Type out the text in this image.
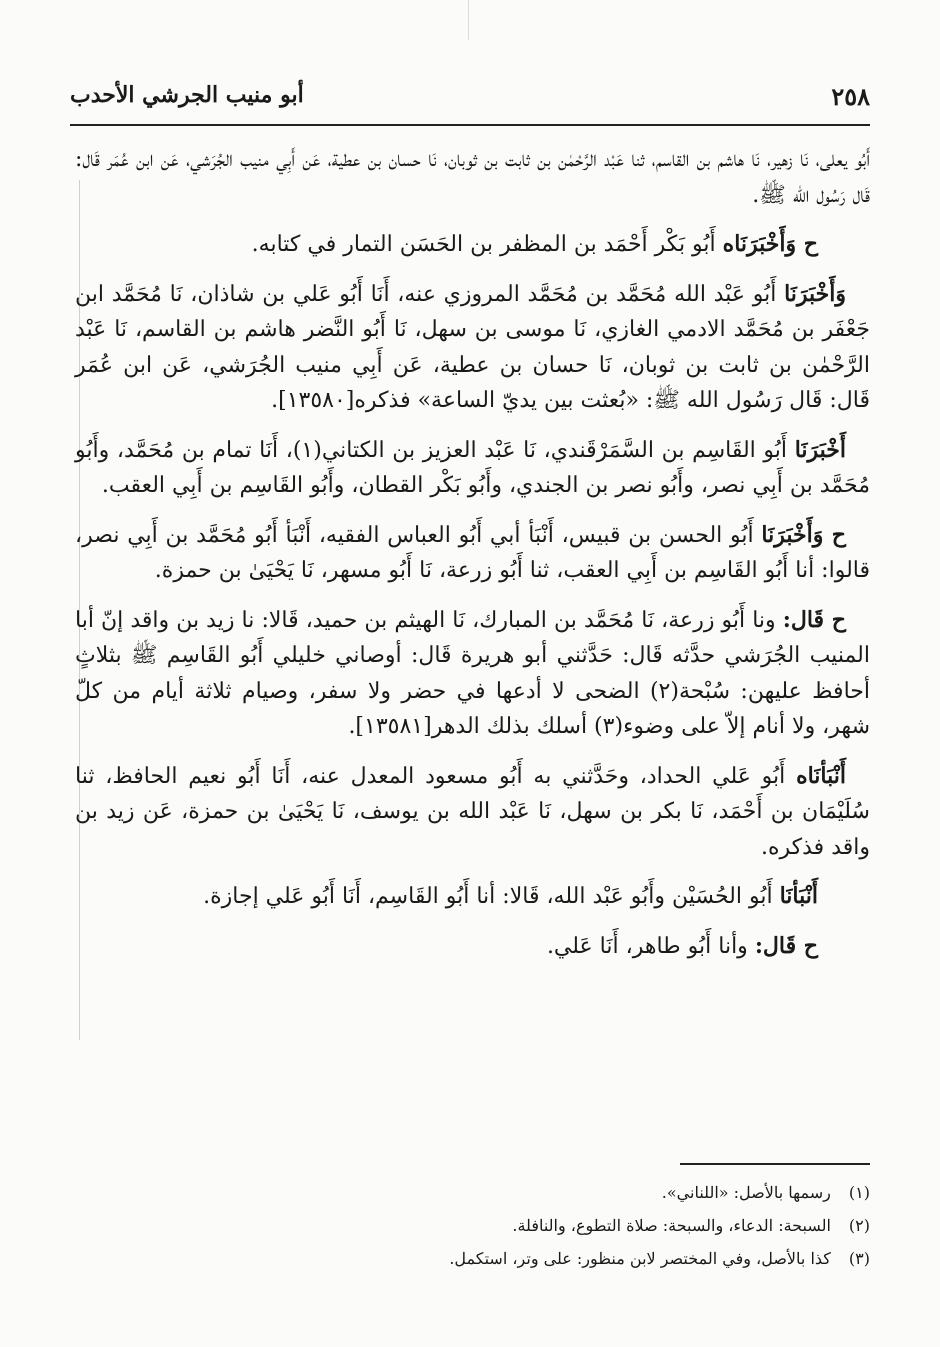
٢٥٨
أبو منيب الجرشي الأحدب

أَبُو يعلى، نَا زهير، نَا هاشم بن القاسم، ثنا عَبْد الرَّحْمٰن بن ثابت بن ثوبان، نَا حسان بن عطية، عَن أَبِي منيب الجُرَشي، عَن ابن عُمَر قَال: قَال رَسُول الله ﷺ.

ح وَأَخْبَرَنَاه أَبُو بَكْر أَحْمَد بن المظفر بن الحَسَن التمار في كتابه.

وَأَخْبَرَنَا أَبُو عَبْد الله مُحَمَّد بن مُحَمَّد المروزي عنه، أَنَا أَبُو عَلي بن شاذان، نَا مُحَمَّد ابن جَعْفَر بن مُحَمَّد الادمي الغازي، نَا موسى بن سهل، نَا أَبُو النَّضر هاشم بن القاسم، نَا عَبْد الرَّحْمٰن بن ثابت بن ثوبان، نَا حسان بن عطية، عَن أَبِي منيب الجُرَشي، عَن ابن عُمَر قَال: قَال رَسُول الله ﷺ: «بُعثت بين يديّ الساعة» فذكره[١٣٥٨٠].

أَخْبَرَنَا أَبُو القَاسِم بن السَّمَرْقَندي، نَا عَبْد العزيز بن الكتاني(١)، أَنَا تمام بن مُحَمَّد، وأَبُو مُحَمَّد بن أَبِي نصر، وأَبُو نصر بن الجندي، وأَبُو بَكْر القطان، وأَبُو القَاسِم بن أَبِي العقب.

ح وَأَخْبَرَنَا أَبُو الحسن بن قبيس، أَنْبَأ أبي أَبُو العباس الفقيه، أَنْبَأ أَبُو مُحَمَّد بن أَبِي نصر، قالوا: أنا أَبُو القَاسِم بن أَبِي العقب، ثنا أَبُو زرعة، نَا أَبُو مسهر، نَا يَحْيَىٰ بن حمزة.

ح قَال: ونا أَبُو زرعة، نَا مُحَمَّد بن المبارك، نَا الهيثم بن حميد، قَالا: نا زيد بن واقد إنّ أبا المنيب الجُرَشي حدَّثه قَال: حَدَّثني أبو هريرة قَال: أوصاني خليلي أَبُو القَاسِم ﷺ بثلاثٍ أحافظ عليهن: سُبْحة(٢) الضحى لا أدعها في حضر ولا سفر، وصيام ثلاثة أيام من كلّ شهر، ولا أنام إلاّ على وضوء(٣) أسلك بذلك الدهر[١٣٥٨١].

أَنْبَأنَاه أَبُو عَلي الحداد، وحَدَّثني به أَبُو مسعود المعدل عنه، أَنَا أَبُو نعيم الحافظ، ثنا سُلَيْمَان بن أَحْمَد، نَا بكر بن سهل، نَا عَبْد الله بن يوسف، نَا يَحْيَىٰ بن حمزة، عَن زيد بن واقد فذكره.

أَنْبَأنَا أَبُو الحُسَيْن وأَبُو عَبْد الله، قَالا: أنا أَبُو القَاسِم، أَنَا أَبُو عَلي إجازة.

ح قَال: وأنا أَبُو طاهر، أَنَا عَلي.

(١) رسمها بالأصل: «اللناني».

(٢) السبحة: الدعاء، والسبحة: صلاة التطوع، والنافلة.

(٣) كذا بالأصل، وفي المختصر لابن منظور: على وتر، استكمل.
